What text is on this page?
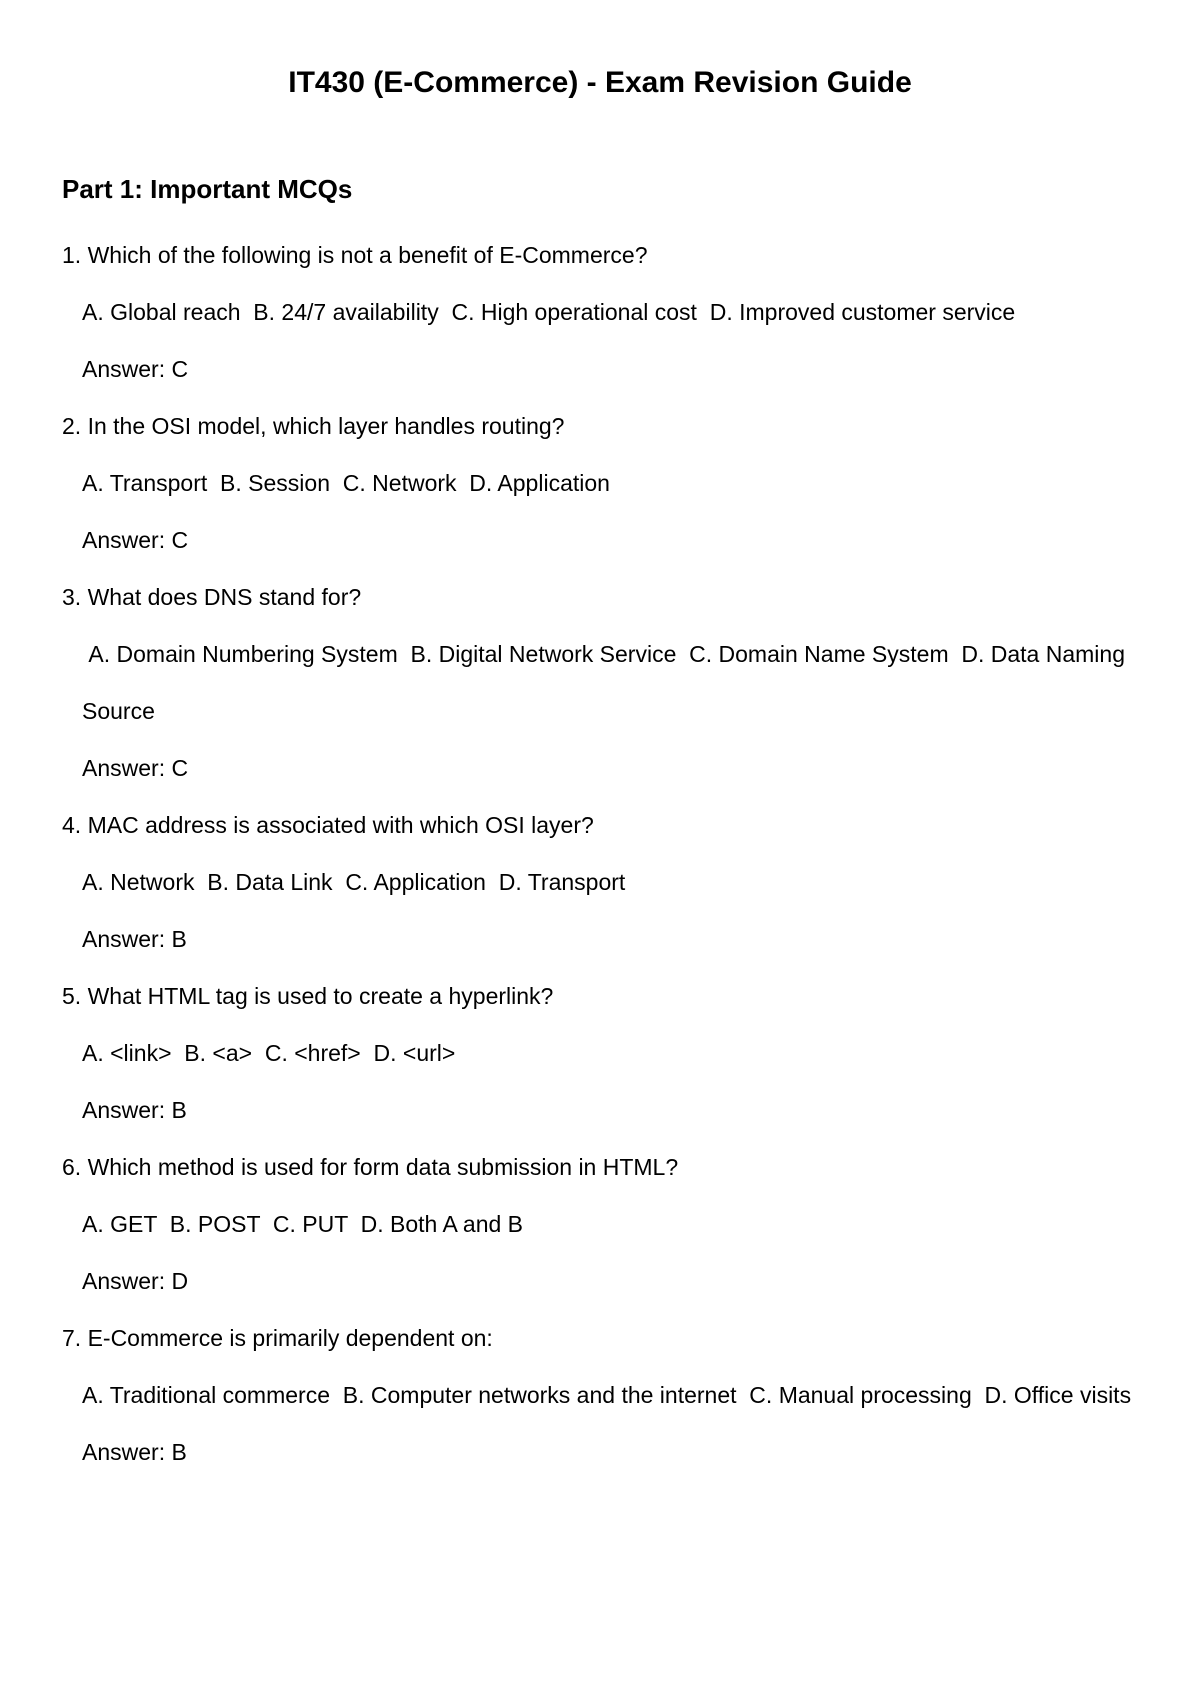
IT430 (E-Commerce) - Exam Revision Guide
Part 1: Important MCQs

1. Which of the following is not a benefit of E-Commerce?

A. Global reach  B. 24/7 availability  C. High operational cost  D. Improved customer service

Answer: C

2. In the OSI model, which layer handles routing?

A. Transport  B. Session  C. Network  D. Application

Answer: C

3. What does DNS stand for?

A. Domain Numbering System  B. Digital Network Service  C. Domain Name System  D. Data Naming Source

Answer: C

4. MAC address is associated with which OSI layer?

A. Network  B. Data Link  C. Application  D. Transport

Answer: B

5. What HTML tag is used to create a hyperlink?

A. <link>  B. <a>  C. <href>  D. <url>

Answer: B

6. Which method is used for form data submission in HTML?

A. GET  B. POST  C. PUT  D. Both A and B

Answer: D

7. E-Commerce is primarily dependent on:

A. Traditional commerce  B. Computer networks and the internet  C. Manual processing  D. Office visits

Answer: B
